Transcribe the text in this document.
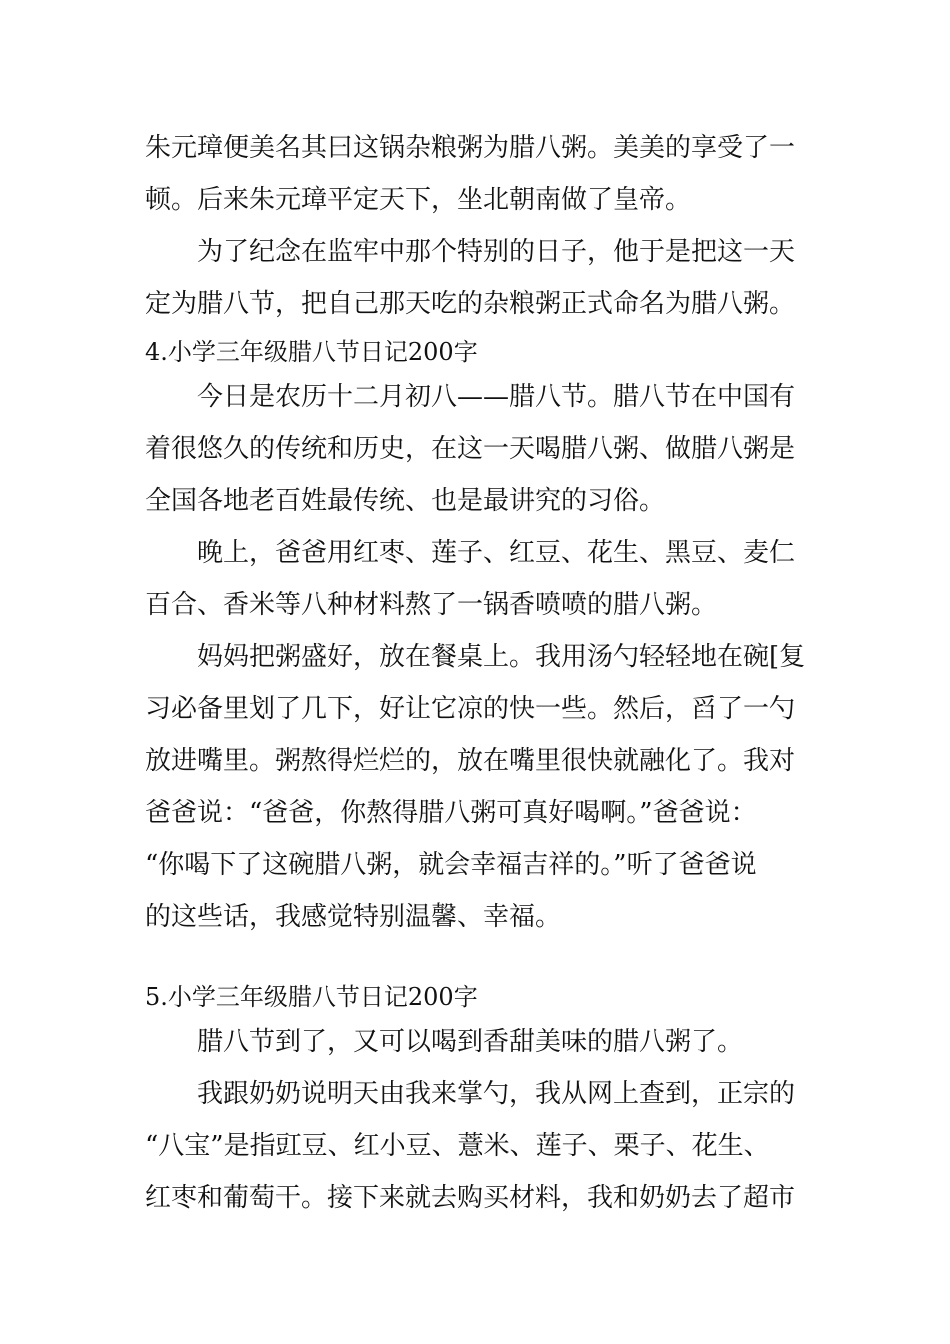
朱元璋便美名其曰这锅杂粮粥为腊八粥。美美的享受了一
顿。后来朱元璋平定天下，坐北朝南做了皇帝。
为了纪念在监牢中那个特别的日子，他于是把这一天
定为腊八节，把自己那天吃的杂粮粥正式命名为腊八粥。
4.小学三年级腊八节日记200字
今日是农历十二月初八——腊八节。腊八节在中国有
着很悠久的传统和历史，在这一天喝腊八粥、做腊八粥是
全国各地老百姓最传统、也是最讲究的习俗。
晚上，爸爸用红枣、莲子、红豆、花生、黑豆、麦仁
百合、香米等八种材料熬了一锅香喷喷的腊八粥。
妈妈把粥盛好，放在餐桌上。我用汤勺轻轻地在碗[复
习必备里划了几下，好让它凉的快一些。然后，舀了一勺
放进嘴里。粥熬得烂烂的，放在嘴里很快就融化了。我对
爸爸说：“爸爸，你熬得腊八粥可真好喝啊。”爸爸说：
“你喝下了这碗腊八粥，就会幸福吉祥的。”听了爸爸说
的这些话，我感觉特别温馨、幸福。
5.小学三年级腊八节日记200字
腊八节到了，又可以喝到香甜美味的腊八粥了。
我跟奶奶说明天由我来掌勺，我从网上查到，正宗的
“八宝”是指豇豆、红小豆、薏米、莲子、栗子、花生、
红枣和葡萄干。接下来就去购买材料，我和奶奶去了超市
